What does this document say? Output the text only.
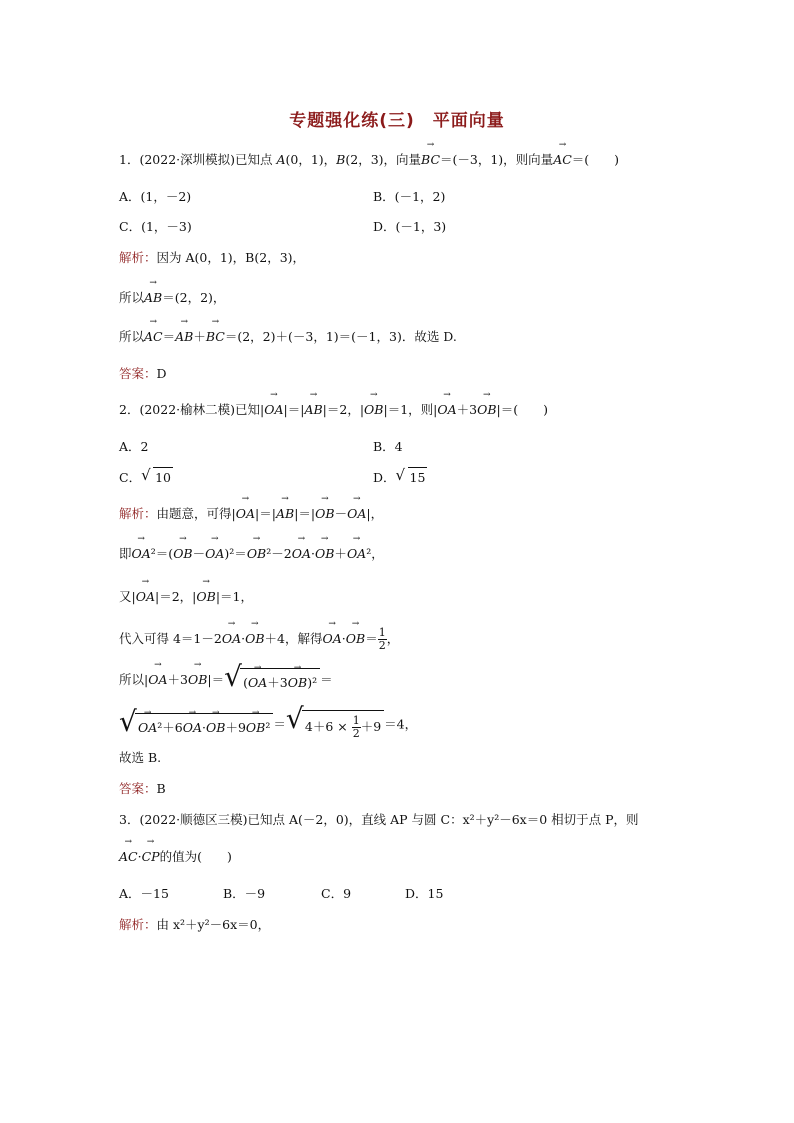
专题强化练(三)　平面向量
1．(2022·深圳模拟)已知点 A(0，1)，B(2，3)，向量→ BC＝(－3，1)，则向量→ AC＝(　　)
A．(1，－2)	B．(－1，2)
C．(1，－3)	D．(－1，3)
解析：因为 A(0，1)，B(2，3)，
所以→ AB＝(2，2)，
所以→ AC＝→ AB＋→ BC＝(2，2)＋(－3，1)＝(－1，3)．故选 D.
答案：D
2．(2022·榆林二模)已知|→ OA|＝|→ AB|＝2，|→ OB|＝1，则|→ OA＋3→ OB|＝(　　)
A．2	B．4
C． √ 10	D． √ 15
解析：由题意，可得|→ OA|＝|→ AB|＝|→ OB－→ OA|，
即→ OA²＝(→ OB－→ OA)²＝→ OB²－2→ OA·→ OB＋→ OA²，
又|→ OA|＝2，|→ OB|＝1，
代入可得 4＝1－2→ OA·→ OB＋4，解得→ $OA\cdot\to OB= \frac{1}{2}$ ，
所以|→ OA＋3→ OB|＝ √ (→ OA＋3→ OB)² ＝
√ → OA²＋6→ OA·→ OB＋9→ OB² ＝ √ $4+6 \times \frac{1}{2} +9 =4$，
故选 B.
答案：B
3．(2022·顺德区三模)已知点 A(－2，0)，直线 AP 与圆 C：x²＋y²－6x＝0 相切于点 P，则
→ AC·→ CP的值为(　　)
A．－15	B．－9	C．9	D．15
解析：由 x²＋y²－6x＝0，
